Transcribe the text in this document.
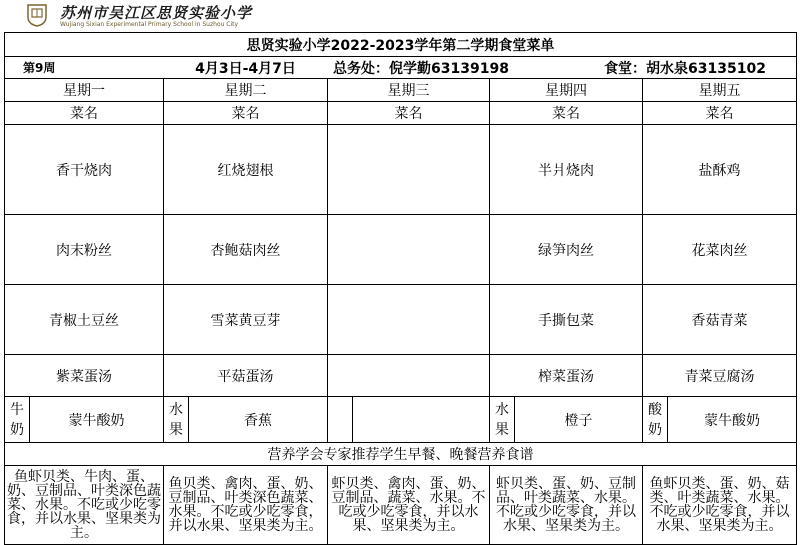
苏州市吴江区思贤实验小学
Wujiang Sixian Experimental Primary School in Suzhou City
思贤实验小学2022-2023学年第二学期食堂菜单									
第9周		4月3日-4月7日		总务处：倪学勤63139198			食堂：胡水泉63135102		
星期一		星期二		星期三		星期四		星期五	
菜名		菜名		菜名		菜名		菜名	
香干烧肉		红烧翅根				半爿烧肉		盐酥鸡	
肉末粉丝		杏鲍菇肉丝				绿笋肉丝		花菜肉丝	
青椒土豆丝		雪菜黄豆芽				手撕包菜		香菇青菜	
紫菜蛋汤		平菇蛋汤				榨菜蛋汤		青菜豆腐汤	
牛奶	蒙牛酸奶	水果	香蕉			水果	橙子	酸奶	蒙牛酸奶
营养学会专家推荐学生早餐、晚餐营养食谱									
鱼虾贝类、牛肉、蛋、奶、豆制品、叶类深色蔬菜、水果。不吃或少吃零食，并以水果、坚果类为主。		鱼贝类、禽肉、蛋、奶、豆制品、叶类深色蔬菜、水果。不吃或少吃零食，并以水果、坚果类为主。		虾贝类、禽肉、蛋、奶、豆制品、蔬菜、水果。不吃或少吃零食，并以水果、坚果类为主。		虾贝类、蛋、奶、豆制品、叶类蔬菜、水果。不吃或少吃零食，并以水果、坚果类为主。		鱼虾贝类、蛋、奶、菇类、叶类蔬菜、水果。不吃或少吃零食，并以水果、坚果类为主。	
